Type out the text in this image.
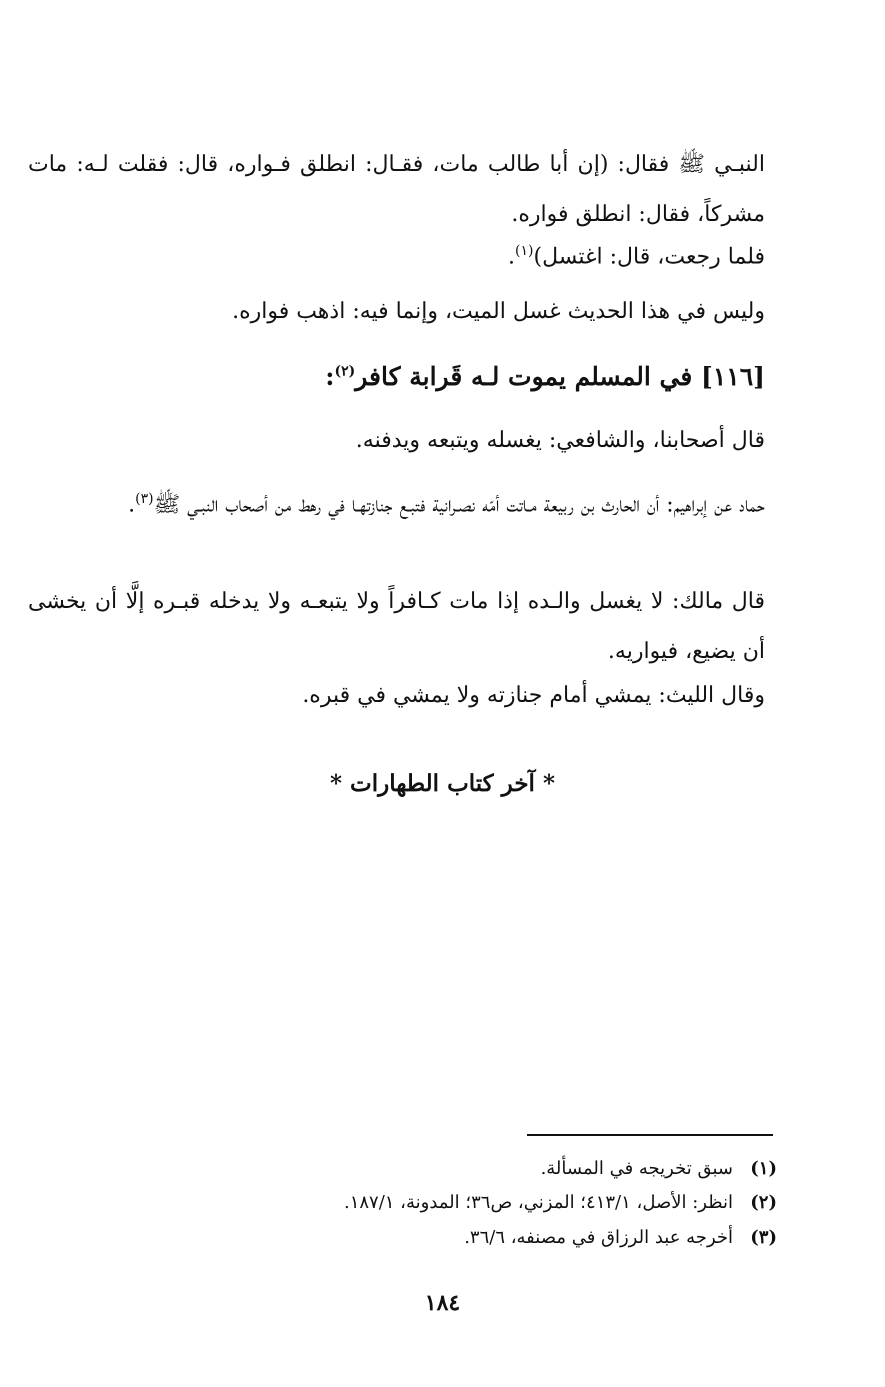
النبـي ﷺ فقال: (إن أبا طالب مات، فقـال: انطلق فـواره، قال: فقلت لـه: مات مشركاً، فقال: انطلق فواره.
فلما رجعت، قال: اغتسل)$^{(١)}$.
وليس في هذا الحديث غسل الميت، وإنما فيه: اذهب فواره.
[١١٦] في المسلم يموت لـه قَرابة كافر$^{(٢)}$:
قال أصحابنا، والشافعي: يغسله ويتبعه ويدفنه.
حماد عن إبراهيم: أن الحارث بن ربيعة مـاتت أمّه نصـرانية فتبـع جنازتهـا في رهط من أصحاب النبـي ﷺ$^{(٣)}$.
قال مالك: لا يغسل والـده إذا مات كـافراً ولا يتبعـه ولا يدخله قبـره إلَّا أن يخشى أن يضيع، فيواريه.
وقال الليث: يمشي أمام جنازته ولا يمشي في قبره.
* آخر كتاب الطهارات *
(١)سبق تخريجه في المسألة.
(٢)انظر: الأصل، ٤١٣/١؛ المزني، ص٣٦؛ المدونة، ١٨٧/١.
(٣)أخرجه عبد الرزاق في مصنفه، ٣٦/٦.
١٨٤
